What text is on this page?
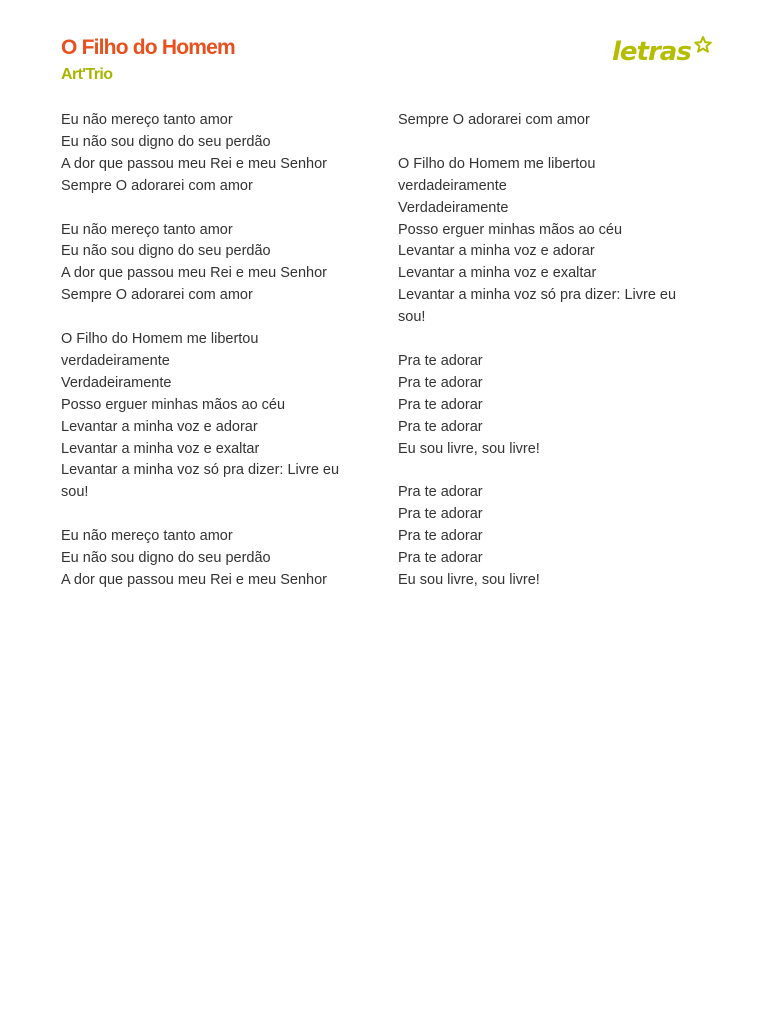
O Filho do Homem
Art'Trio
letras
Eu não mereço tanto amor
Eu não sou digno do seu perdão
A dor que passou meu Rei e meu Senhor
Sempre O adorarei com amor
Eu não mereço tanto amor
Eu não sou digno do seu perdão
A dor que passou meu Rei e meu Senhor
Sempre O adorarei com amor
O Filho do Homem me libertou
verdadeiramente
Verdadeiramente
Posso erguer minhas mãos ao céu
Levantar a minha voz e adorar
Levantar a minha voz e exaltar
Levantar a minha voz só pra dizer: Livre eu
sou!
Eu não mereço tanto amor
Eu não sou digno do seu perdão
A dor que passou meu Rei e meu Senhor
Sempre O adorarei com amor
O Filho do Homem me libertou
verdadeiramente
Verdadeiramente
Posso erguer minhas mãos ao céu
Levantar a minha voz e adorar
Levantar a minha voz e exaltar
Levantar a minha voz só pra dizer: Livre eu
sou!
Pra te adorar
Pra te adorar
Pra te adorar
Pra te adorar
Eu sou livre, sou livre!
Pra te adorar
Pra te adorar
Pra te adorar
Pra te adorar
Eu sou livre, sou livre!
